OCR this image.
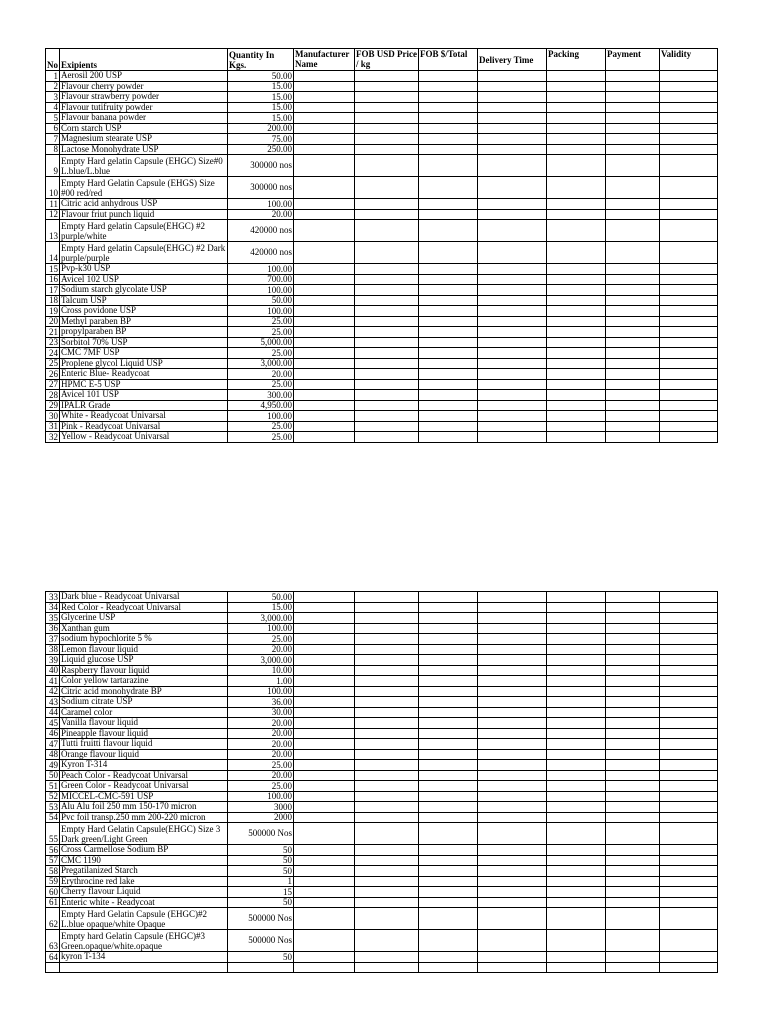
No	Exipients	Quantity In Kgs.	Manufacturer Name	FOB USD Price / kg	FOB $/Total	Delivery Time	Packing	Payment	Validity
1	Aerosil 200 USP	50.00							
2	Flavour cherry powder	15.00							
3	Flavour strawberry powder	15.00							
4	Flavour tutifruity powder	15.00							
5	Flavour banana powder	15.00							
6	Corn starch USP	200.00							
7	Magnesium stearate USP	75.00							
8	Lactose Monohydrate USP	250.00							
9	Empty Hard gelatin Capsule (EHGC) Size#0 L.blue/L.blue	300000 nos							
10	Empty Hard Gelatin Capsule (EHGS) Size #00 red/red	300000 nos							
11	Citric acid anhydrous USP	100.00							
12	Flavour friut punch liquid	20.00							
13	Empty Hard gelatin Capsule(EHGC) #2 purple/white	420000 nos							
14	Empty Hard gelatin Capsule(EHGC) #2 Dark purple/purple	420000 nos							
15	Pvp-k30 USP	100.00							
16	Avicel 102 USP	700.00							
17	Sodium starch glycolate USP	100.00							
18	Talcum USP	50.00							
19	Cross povidone USP	100.00							
20	Methyl paraben BP	25.00							
21	propylparaben BP	25.00							
23	Sorbitol 70% USP	5,000.00							
24	CMC 7MF USP	25.00							
25	Proplene glycol Liquid USP	3,000.00							
26	Enteric Blue- Readycoat	20.00							
27	HPMC E-5 USP	25.00							
28	Avicel 101 USP	300.00							
29	IPALR Grade	4,950.00							
30	White - Readycoat Univarsal	100.00							
31	Pink - Readycoat Univarsal	25.00							
32	Yellow - Readycoat Univarsal	25.00							
33	Dark blue - Readycoat Univarsal	50.00							
34	Red Color - Readycoat Univarsal	15.00							
35	Glycerine USP	3,000.00							
36	Xanthan gum	100.00							
37	sodium hypochlorite 5 %	25.00							
38	Lemon flavour liquid	20.00							
39	Liquid glucose USP	3,000.00							
40	Raspberry flavour liquid	10.00							
41	Color yellow tartarazine	1.00							
42	Citric acid monohydrate BP	100.00							
43	Sodium citrate USP	36.00							
44	Caramel color	30.00							
45	Vanilla flavour liquid	20.00							
46	Pineapple flavour liquid	20.00							
47	Tutti fruitti flavour liquid	20.00							
48	Orange flavour liquid	20.00							
49	Kyron T-314	25.00							
50	Peach Color - Readycoat Univarsal	20.00							
51	Green Color - Readycoat Univarsal	25.00							
52	MICCEL-CMC-591 USP	100.00							
53	Alu Alu foil 250 mm 150-170 micron	3000							
54	Pvc foil transp.250 mm 200-220 micron	2000							
55	Empty Hard Gelatin Capsule(EHGC) Size 3 Dark green/Light Green	500000 Nos							
56	Cross Carmellose Sodium BP	50							
57	CMC 1190	50							
58	Pregatilanized Starch	50							
59	Erythrocine red lake	1							
60	Cherry flavour Liquid	15							
61	Enteric white - Readycoat	50							
62	Empty Hard Gelatin Capsule (EHGC)#2 L.blue opaque/white Opaque	500000 Nos							
63	Empty hard Gelatin Capsule (EHGC)#3 Green.opaque/white.opaque	500000 Nos							
64	kyron T-134	50							
